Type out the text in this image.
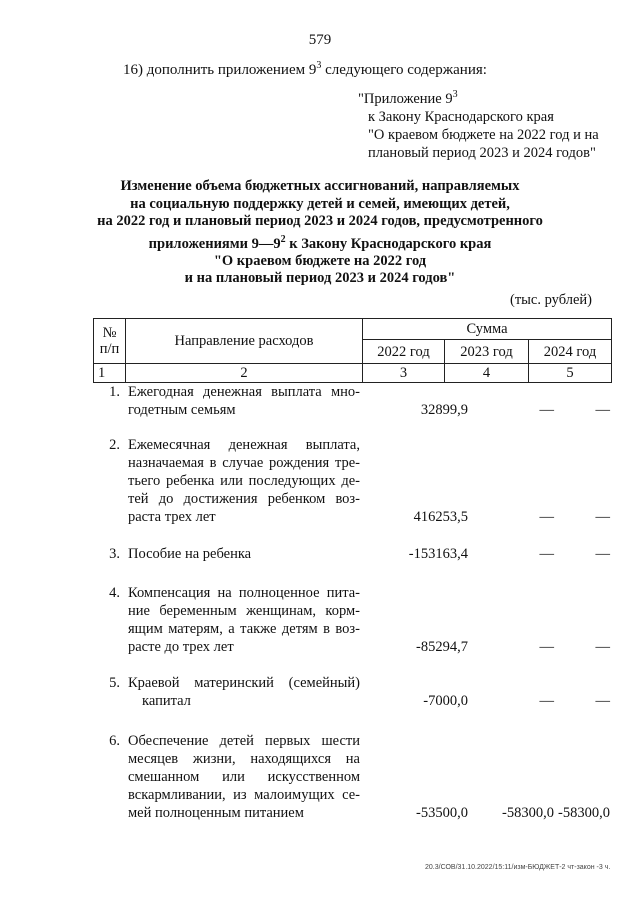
579
16) дополнить приложением $9^3$ следующего содержания:
"Приложение $9^3$
к Закону Краснодарского края
"О краевом бюджете на 2022 год и на
плановый период 2023 и 2024 годов"
Изменение объема бюджетных ассигнований, направляемых
на социальную поддержку детей и семей, имеющих детей,
на 2022 год и плановый период 2023 и 2024 годов, предусмотренного
приложениями $9—9^2$ к Закону Краснодарского края
"О краевом бюджете на 2022 год
и на плановый период 2023 и 2024 годов"
(тыс. рублей)
№
п/п	Направление расходов
Сумма
2022 год	2023 год	2024 год
1	2	3	4	5
1. Ежегодная денежная выплата мно-
годетным семьям	32899,9	—	—
2. Ежемесячная денежная выплата,
назначаемая в случае рождения тре-
тьего ребенка или последующих де-
тей до достижения ребенком воз-
раста трех лет	416253,5	—	—
3. Пособие на ребенка	-153163,4	—	—
4. Компенсация на полноценное пита-
ние беременным женщинам, корм-
ящим матерям, а также детям в воз-
расте до трех лет	-85294,7	—	—
5. Краевой материнский (семейный)
капитал	-7000,0	—	—
6. Обеспечение детей первых шести
месяцев жизни, находящихся на
смешанном или искусственном
вскармливании, из малоимущих се-
мей полноценным питанием	-53500,0 -58300,0 -58300,0
20.3/СОВ/31.10.2022/15:11/изм-БЮДЖЕТ-2 чт-закон -3 ч.
